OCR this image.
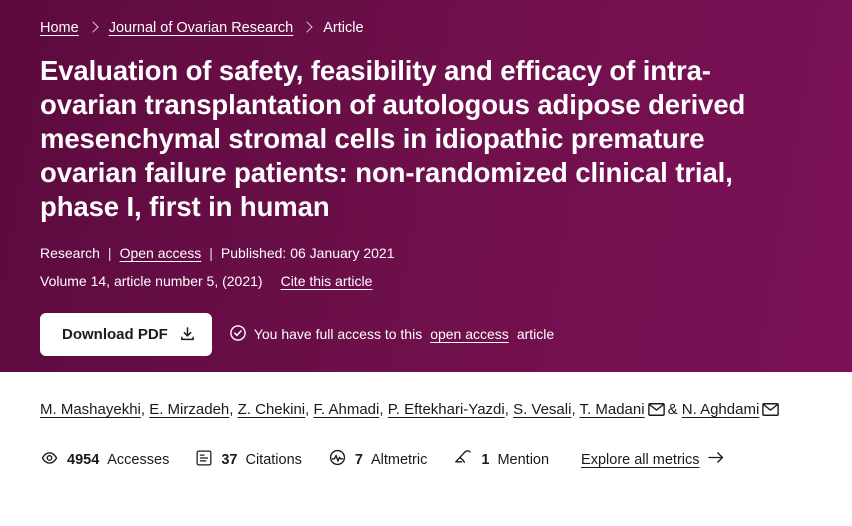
Home Journal of Ovarian Research Article
Evaluation of safety, feasibility and efficacy of intra-ovarian transplantation of autologous adipose derived mesenchymal stromal cells in idiopathic premature ovarian failure patients: non-randomized clinical trial, phase I, first in human
Research | Open access | Published: 06 January 2021
Volume 14, article number 5, (2021) Cite this article
Download PDF	You have full access to this open access article
M. Mashayekhi, E. Mirzadeh, Z. Chekini, F. Ahmadi, P. Eftekhari-Yazdi, S. Vesali, T. Madani & N. Aghdami
4954 Accesses	37 Citations	7 Altmetric	1 Mention Explore all metrics
